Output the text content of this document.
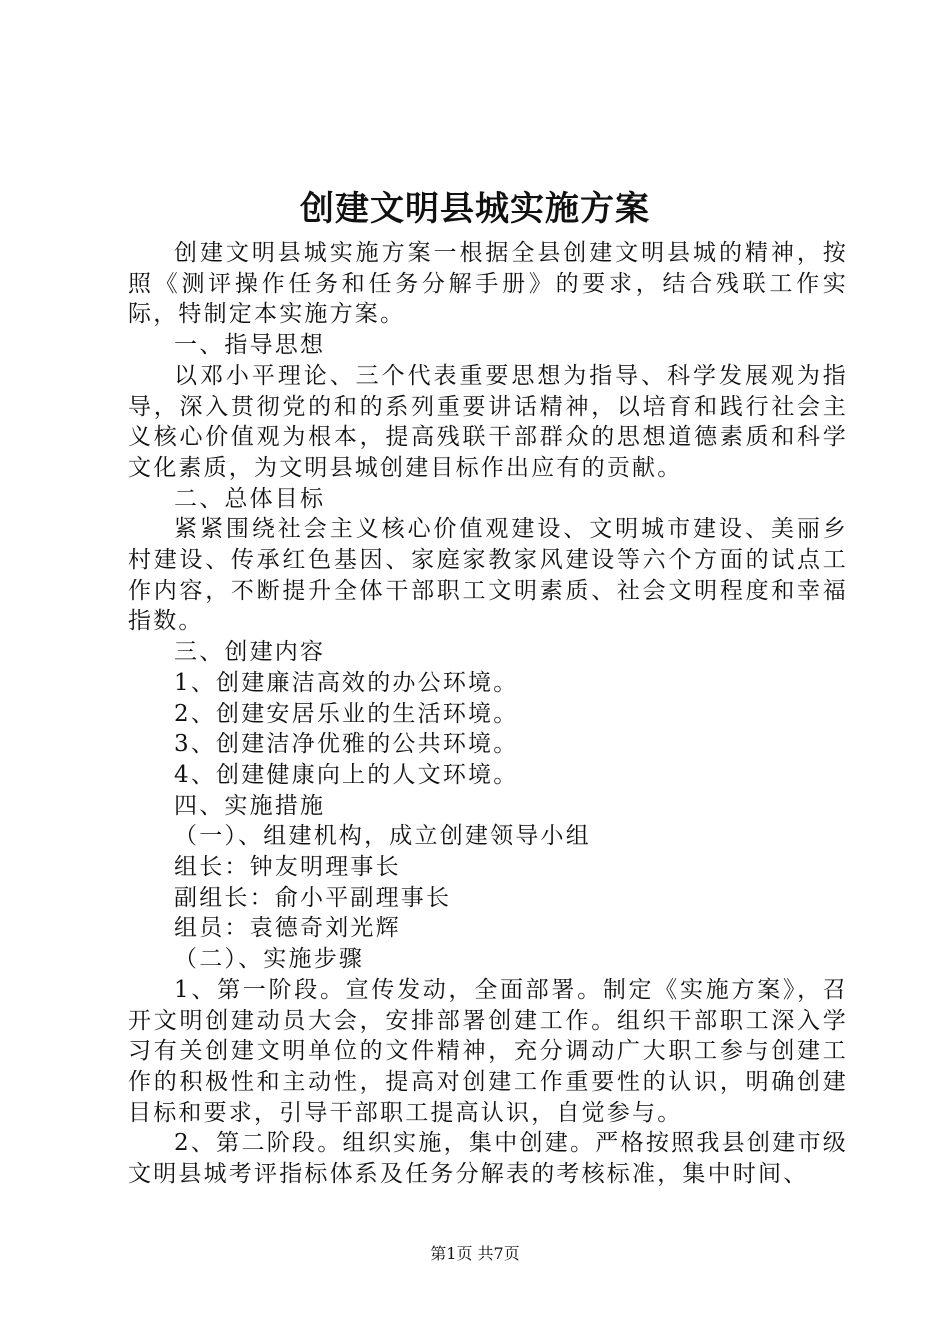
创建文明县城实施方案

创建文明县城实施方案一根据全县创建文明县城的精神，按照《测评操作任务和任务分解手册》的要求，结合残联工作实际，特制定本实施方案。

一、指导思想

以邓小平理论、三个代表重要思想为指导、科学发展观为指导，深入贯彻党的和的系列重要讲话精神，以培育和践行社会主义核心价值观为根本，提高残联干部群众的思想道德素质和科学文化素质，为文明县城创建目标作出应有的贡献。

二、总体目标

紧紧围绕社会主义核心价值观建设、文明城市建设、美丽乡村建设、传承红色基因、家庭家教家风建设等六个方面的试点工作内容，不断提升全体干部职工文明素质、社会文明程度和幸福指数。

三、创建内容

1、创建廉洁高效的办公环境。

2、创建安居乐业的生活环境。

3、创建洁净优雅的公共环境。

4、创建健康向上的人文环境。

四、实施措施

（一）、组建机构，成立创建领导小组

组长：钟友明理事长

副组长：俞小平副理事长

组员：袁德奇刘光辉

（二）、实施步骤

1、第一阶段。宣传发动，全面部署。制定《实施方案》，召开文明创建动员大会，安排部署创建工作。组织干部职工深入学习有关创建文明单位的文件精神，充分调动广大职工参与创建工作的积极性和主动性，提高对创建工作重要性的认识，明确创建目标和要求，引导干部职工提高认识，自觉参与。

2、第二阶段。组织实施，集中创建。严格按照我县创建市级文明县城考评指标体系及任务分解表的考核标准，集中时间、

第1页 共7页
